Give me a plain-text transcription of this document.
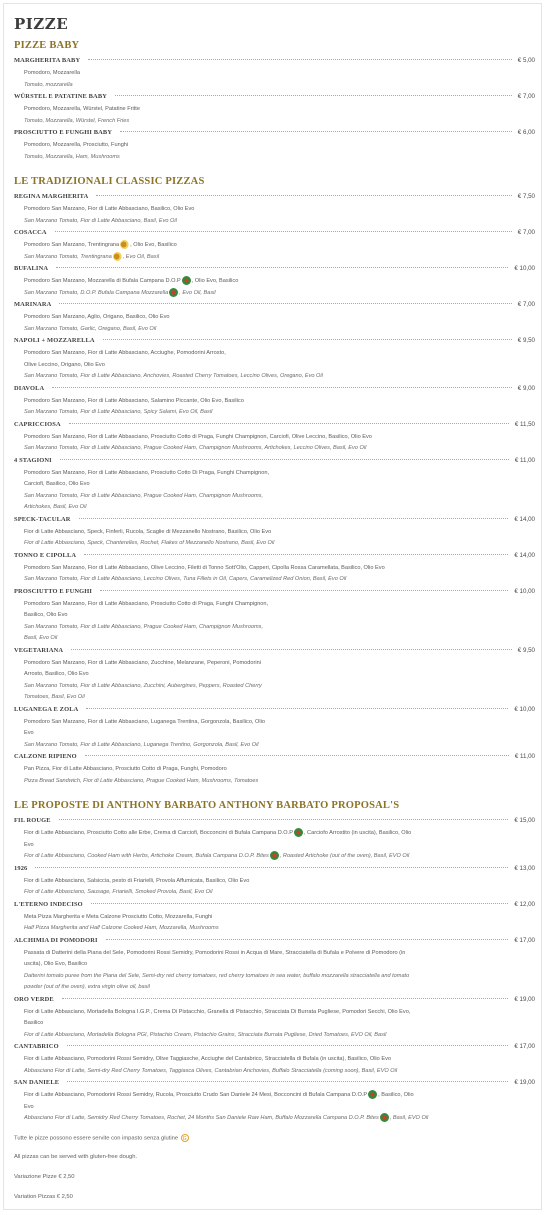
PIZZE
PIZZE BABY
MARGHERITA BABY	€ 5,00
Pomodoro, Mozzarella
Tomato, mozzarella
WÜRSTEL E PATATINE BABY	€ 7,00
Pomodoro, Mozzarella, Würstel, Patatine Fritte
Tomato, Mozzarella, Würstel, French Fries
PROSCIUTTO E FUNGHI BABY	€ 6,00
Pomodoro, Mozzarella, Prosciutto, Funghi
Tomato, Mozzarella, Ham, Mushrooms
LE TRADIZIONALI CLASSIC PIZZAS
REGINA MARGHERITA	€ 7,50
Pomodoro San Marzano, Fior di Latte Abbasciano, Basilico, Olio Evo
San Marzano Tomato, Fior di Latte Abbasciano, Basil, Evo Oil
COSACCA	€ 7,00
Pomodoro San Marzano, Trentingrana , Olio Evo, Basilico
San Marzano Tomato, Trentingrana , Evo Oil, Basil
BUFALINA	€ 10,00
Pomodoro San Marzano, Mozzarella di Bufala Campana D.O.P , Olio Evo, Basilico
San Marzano Tomato, D.O.P. Bufala Campana Mozzarella , Evo Oil, Basil
MARINARA	€ 7,00
Pomodoro San Marzano, Aglio, Origano, Basilico, Olio Evo
San Marzano Tomato, Garlic, Oregano, Basil, Evo Oil
NAPOLI + MOZZARELLA	€ 9,50
Pomodoro San Marzano, Fior di Latte Abbasciano, Acciughe, Pomodorini Arrosto,
Olive Leccino, Origano, Olio Evo
San Marzano Tomato, Fior di Latte Abbasciano, Anchovies, Roasted Cherry Tomatoes, Leccino Olives, Oregano, Evo Oil
DIAVOLA	€ 9,00
Pomodoro San Marzano, Fior di Latte Abbasciano, Salamino Piccante, Olio Evo, Basilico
San Marzano Tomato, Fior di Latte Abbasciano, Spicy Salami, Evo Oil, Basil
CAPRICCIOSA	€ 11,50
Pomodoro San Marzano, Fior di Latte Abbasciano, Prosciutto Cotto di Praga, Funghi Champignon, Carciofi, Olive Leccino, Basilico, Olio Evo
San Marzano Tomato, Fior di Latte Abbasciano, Prague Cooked Ham, Champignon Mushrooms, Artichokes, Leccino Olives, Basil, Evo Oil
4 STAGIONI	€ 11,00
Pomodoro San Marzano, Fior di Latte Abbasciano, Prosciutto Cotto Di Praga, Funghi Champignon,
Carciofi, Basilico, Olio Evo
San Marzano Tomato, Fior di Latte Abbasciano, Prague Cooked Ham, Champignon Mushrooms,
Artichokes, Basil, Evo Oil
SPECK-TACULAR	€ 14,00
Fior di Latte Abbasciano, Speck, Finferli, Rucola, Scaglie di Mezzanello Nostrano, Basilico, Olio Evo
Fior di Latte Abbasciano, Speck, Chanterelles, Rochet, Flakes of Mezzanello Nostrano, Basil, Evo Oil
TONNO E CIPOLLA	€ 14,00
Pomodoro San Marzano, Fior di Latte Abbasciano, Olive Leccino, Filetti di Tonno Sott'Olio, Capperi, Cipolla Rossa Caramellata, Basilico, Olio Evo
San Marzano Tomato, Fior di Latte Abbasciano, Leccino Olives, Tuna Fillets in Oil, Capers, Caramelized Red Onion, Basil, Evo Oil
PROSCIUTTO E FUNGHI	€ 10,00
Pomodoro San Marzano, Fior di Latte Abbasciano, Prosciutto Cotto di Praga, Funghi Champignon,
Basilico, Olio Evo
San Marzano Tomato, Fior di Latte Abbasciano, Prague Cooked Ham, Champignon Mushrooms,
Basil, Evo Oil
VEGETARIANA	€ 9,50
Pomodoro San Marzano, Fior di Latte Abbasciano, Zucchine, Melanzane, Peperoni, Pomodorini
Arrosto, Basilico, Olio Evo
San Marzano Tomato, Fior di Latte Abbasciano, Zucchini, Aubergines, Peppers, Roasted Cherry
Tomatoes, Basil, Evo Oil
LUGANEGA E ZOLA	€ 10,00
Pomodoro San Marzano, Fior di Latte Abbasciano, Luganega Trentina, Gorgonzola, Basilico, Olio
Evo
San Marzano Tomato, Fior di Latte Abbasciano, Luganega Trentino, Gorgonzola, Basil, Evo Oil
CALZONE RIPIENO	€ 11,00
Pan Pizza, Fior di Latte Abbasciano, Prosciutto Cotto di Praga, Funghi, Pomodoro
Pizza Bread Sandwich, Fior di Latte Abbasciano, Prague Cooked Ham, Mushrooms, Tomatoes
LE PROPOSTE DI ANTHONY BARBATO ANTHONY BARBATO PROPOSAL'S
FIL ROUGE	€ 15,00
Fior di Latte Abbasciano, Prosciutto Cotto alle Erbe, Crema di Carciofi, Bocconcini di Bufala Campana D.O.P , Carciofo Arrostito (in uscita), Basilico, Olio
Evo
Fior di Latte Abbasciano, Cooked Ham with Herbs, Artichoke Cream, Bufala Campana D.O.P. Bites , Roasted Artichoke (out of the oven), Basil, EVO Oil
1926	€ 13,00
Fior di Latte Abbasciano, Salsiccia, pesto di Friarielli, Provola Affumicata, Basilico, Olio Evo
Fior di Latte Abbasciano, Sausage, Friarielli, Smoked Provola, Basil, Evo Oil
L'ETERNO INDECISO	€ 12,00
Meta Pizza Margherita e Meta Calzone Prosciutto Cotto, Mozzarella, Funghi
Half Pizza Margherita and Half Calzone Cooked Ham, Mozzarella, Mushrooms
ALCHIMIA DI POMODORI	€ 17,00
Passata di Datterini della Piana del Sele, Pomodorini Rossi Semidry, Pomodorini Rossi in Acqua di Mare, Stracciatella di Bufala e Polvere di Pomodoro (in
uscita), Olio Evo, Basilico
Datterini tomato puree from the Piana del Sele, Semi-dry red cherry tomatoes, red cherry tomatoes in sea water, buffalo mozzarella stracciatella and tomato
powder (out of the oven), extra virgin olive oil, basil
ORO VERDE	€ 19,00
Fior di Latte Abbasciano, Mortadella Bologna I.G.P., Crema Di Pistacchio, Granella di Pistacchio, Stracciata Di Burrata Pugliese, Pomodori Secchi, Olio Evo,
Basilico
Fior di Latte Abbasciano, Mortadella Bologna PGI, Pistachio Cream, Pistachio Grains, Stracciata Burrata Pugliese, Dried Tomatoes, EVO Oil, Basil
CANTABRICO	€ 17,00
Fior di Latte Abbasciano, Pomodorini Rossi Semidry, Olive Taggiasche, Acciughe del Cantabrico, Stracciatella di Bufala (in uscita), Basilico, Olio Evo
Abbasciano Fior di Latte, Semi-dry Red Cherry Tomatoes, Taggiasca Olives, Cantabrian Anchovies, Buffalo Stracciatella (coming soon), Basil, EVO Oil
SAN DANIELE	€ 19,00
Fior di Latte Abbasciano, Pomodorini Rossi Semidry, Rucola, Prosciutto Crudo San Daniele 24 Mesi, Bocconcini di Bufala Campana D.O.P , Basilico, Olio
Evo
Abbasciano Fior di Latte, Semidry Red Cherry Tomatoes, Rochet, 24 Months San Daniele Raw Ham, Buffalo Mozzarella Campana D.O.P. Bites , Basil, EVO Oil
Tutte le pizze possono essere servite con impasto senza glutine G
All pizzas can be served with gluten-free dough.
Variazione Pizze € 2,50
Variation Pizzas € 2,50
